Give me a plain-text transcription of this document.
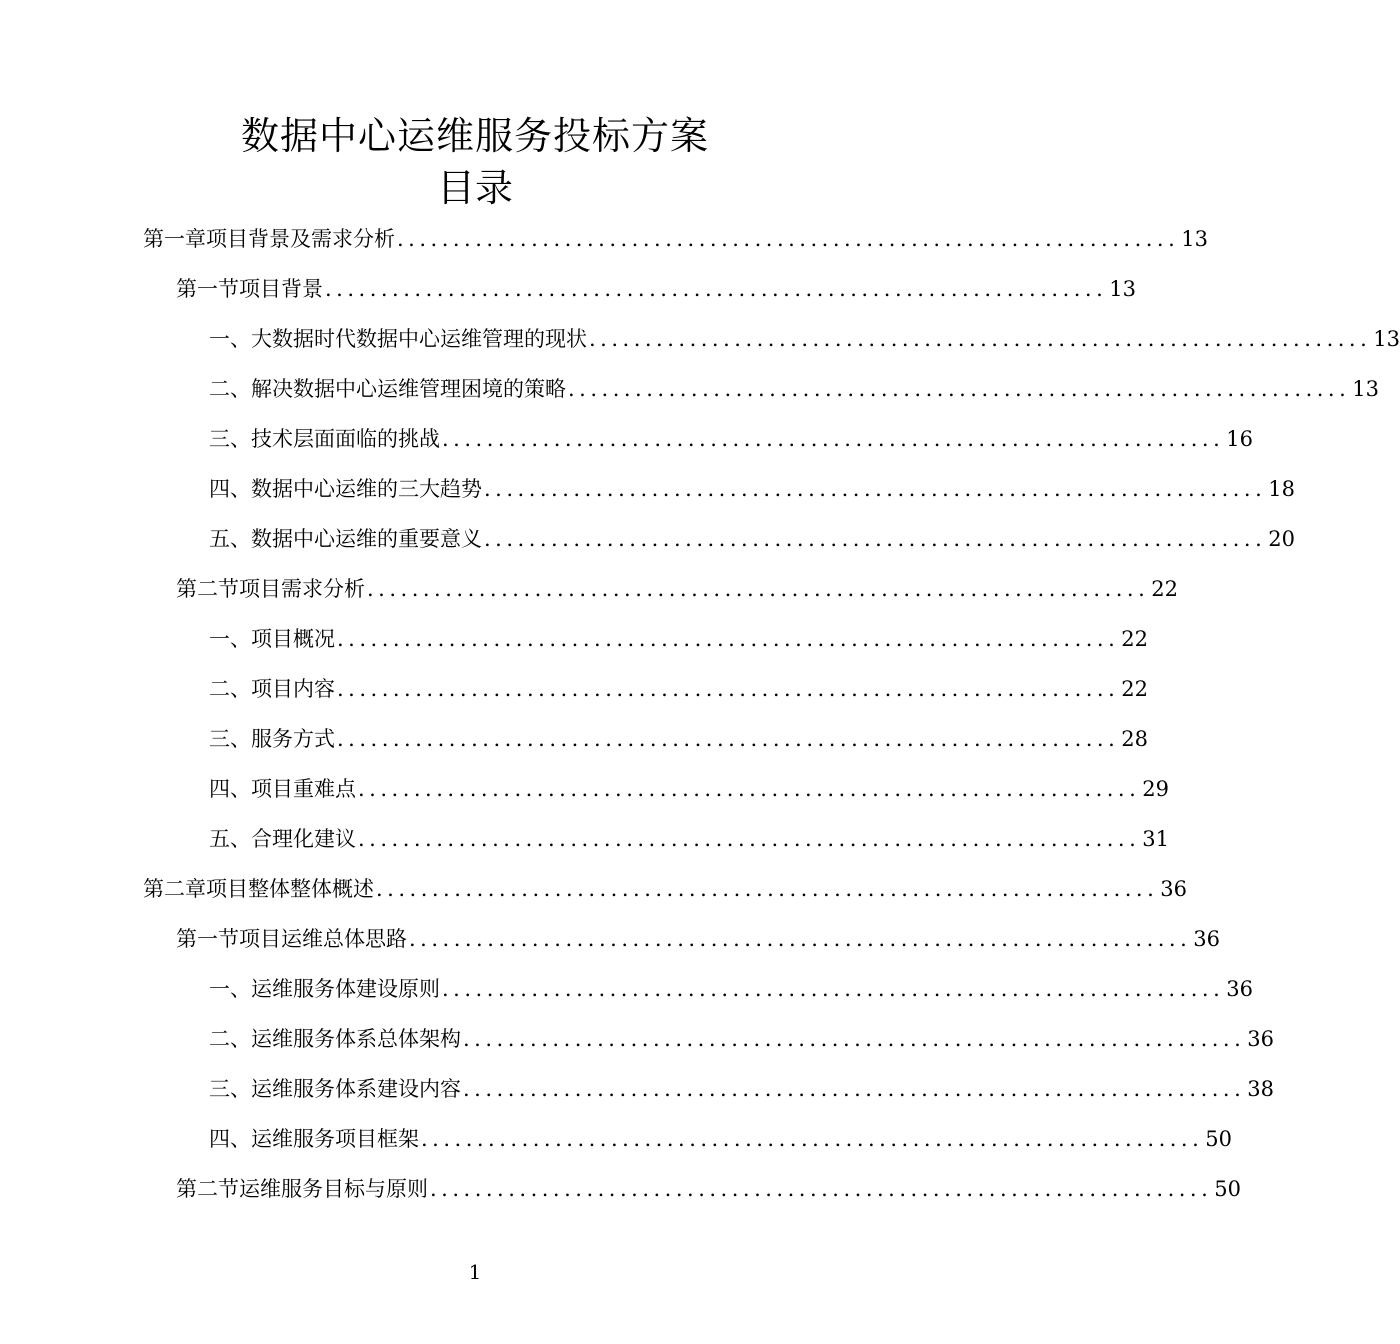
数据中心运维服务投标方案
目录
第一章项目背景及需求分析 ...................................................................... 13
第一节项目背景 ...................................................................... 13
一、大数据时代数据中心运维管理的现状 ...................................................................... 13
二、解决数据中心运维管理困境的策略 ...................................................................... 13
三、技术层面面临的挑战 ...................................................................... 16
四、数据中心运维的三大趋势 ...................................................................... 18
五、数据中心运维的重要意义 ...................................................................... 20
第二节项目需求分析 ...................................................................... 22
一、项目概况 ...................................................................... 22
二、项目内容 ...................................................................... 22
三、服务方式 ...................................................................... 28
四、项目重难点 ...................................................................... 29
五、合理化建议 ...................................................................... 31
第二章项目整体整体概述 ...................................................................... 36
第一节项目运维总体思路 ...................................................................... 36
一、运维服务体建设原则 ...................................................................... 36
二、运维服务体系总体架构 ...................................................................... 36
三、运维服务体系建设内容 ...................................................................... 38
四、运维服务项目框架 ...................................................................... 50
第二节运维服务目标与原则 ...................................................................... 50
1
